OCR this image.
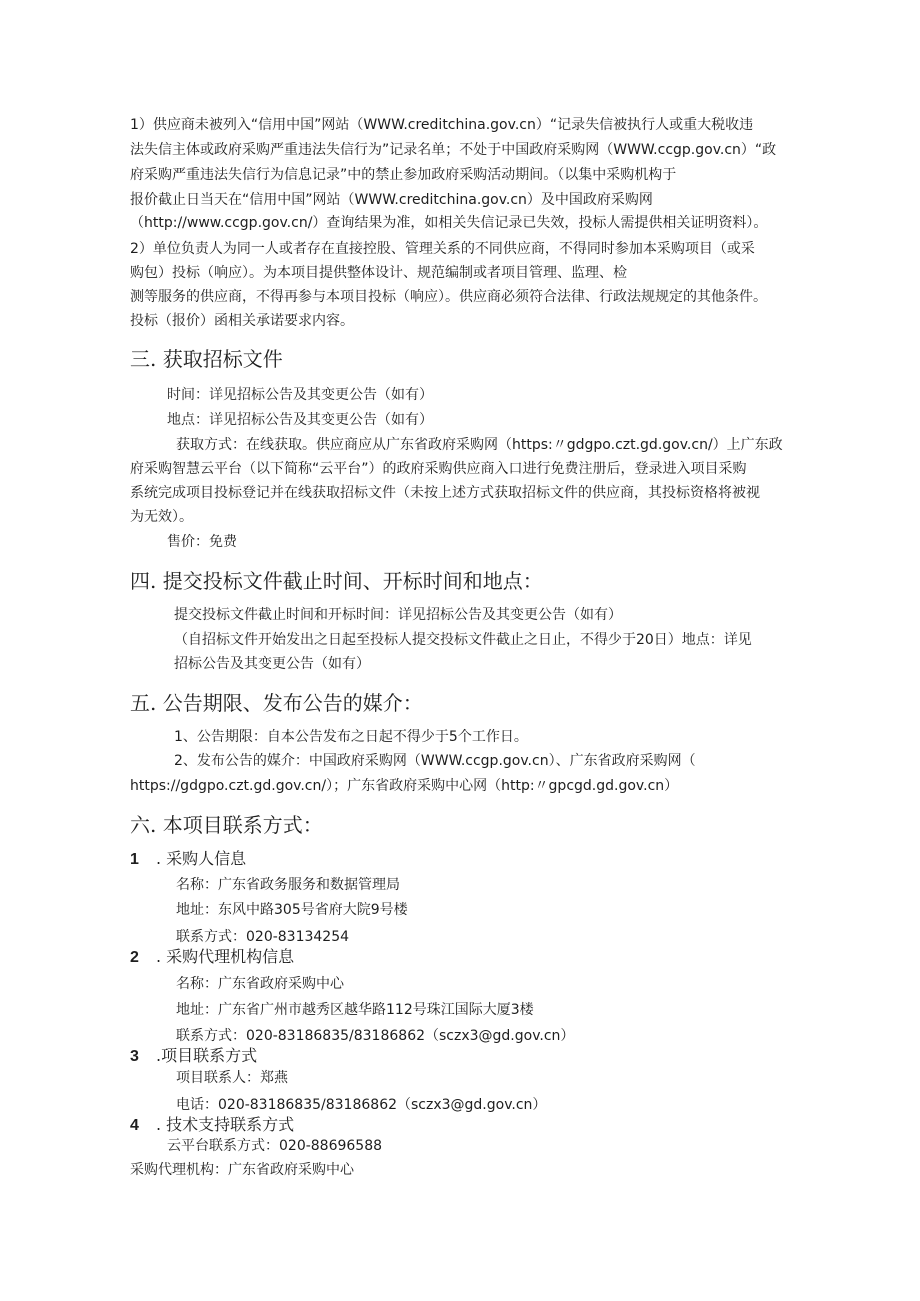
1）供应商未被列入“信用中国”网站（WWW.creditchina.gov.cn）“记录失信被执行人或重大税收违

法失信主体或政府采购严重违法失信行为”记录名单；不处于中国政府采购网（WWW.ccgp.gov.cn）“政

府采购严重违法失信行为信息记录”中的禁止参加政府采购活动期间。（以集中采购机构于

报价截止日当天在“信用中国”网站（WWW.creditchina.gov.cn）及中国政府采购网

（http://www.ccgp.gov.cn/）查询结果为准，如相关失信记录已失效，投标人需提供相关证明资料）。

2）单位负责人为同一人或者存在直接控股、管理关系的不同供应商，不得同时参加本采购项目（或采

购包）投标（响应）。为本项目提供整体设计、规范编制或者项目管理、监理、检

测等服务的供应商，不得再参与本项目投标（响应）。供应商必须符合法律、行政法规规定的其他条件。

投标（报价）函相关承诺要求内容。

三. 获取招标文件

时间：详见招标公告及其变更公告（如有）

地点：详见招标公告及其变更公告（如有）

获取方式：在线获取。供应商应从广东省政府采购网（https:〃gdgpo.czt.gd.gov.cn/）上广东政

府采购智慧云平台（以下简称“云平台”）的政府采购供应商入口进行免费注册后，登录进入项目采购

系统完成项目投标登记并在线获取招标文件（未按上述方式获取招标文件的供应商，其投标资格将被视

为无效）。

售价：免费

四. 提交投标文件截止时间、开标时间和地点：

提交投标文件截止时间和开标时间：详见招标公告及其变更公告（如有）

（自招标文件开始发出之日起至投标人提交投标文件截止之日止，不得少于20日）地点：详见

招标公告及其变更公告（如有）

五. 公告期限、发布公告的媒介：

1、公告期限：自本公告发布之日起不得少于5个工作日。

2、发布公告的媒介：中国政府采购网（WWW.ccgp.gov.cn）、广东省政府采购网（

https://gdgpo.czt.gd.gov.cn/）；广东省政府采购中心网（http:〃gpcgd.gd.gov.cn）

六. 本项目联系方式：

1 . 采购人信息

名称：广东省政务服务和数据管理局

地址：东风中路305号省府大院9号楼

联系方式：020-83134254

2 . 采购代理机构信息

名称：广东省政府采购中心

地址：广东省广州市越秀区越华路112号珠江国际大厦3楼

联系方式：020-83186835/83186862（sczx3@gd.gov.cn）

3 .项目联系方式

项目联系人：郑燕

电话：020-83186835/83186862（sczx3@gd.gov.cn）

4 . 技术支持联系方式

云平台联系方式：020-88696588

采购代理机构：广东省政府采购中心
